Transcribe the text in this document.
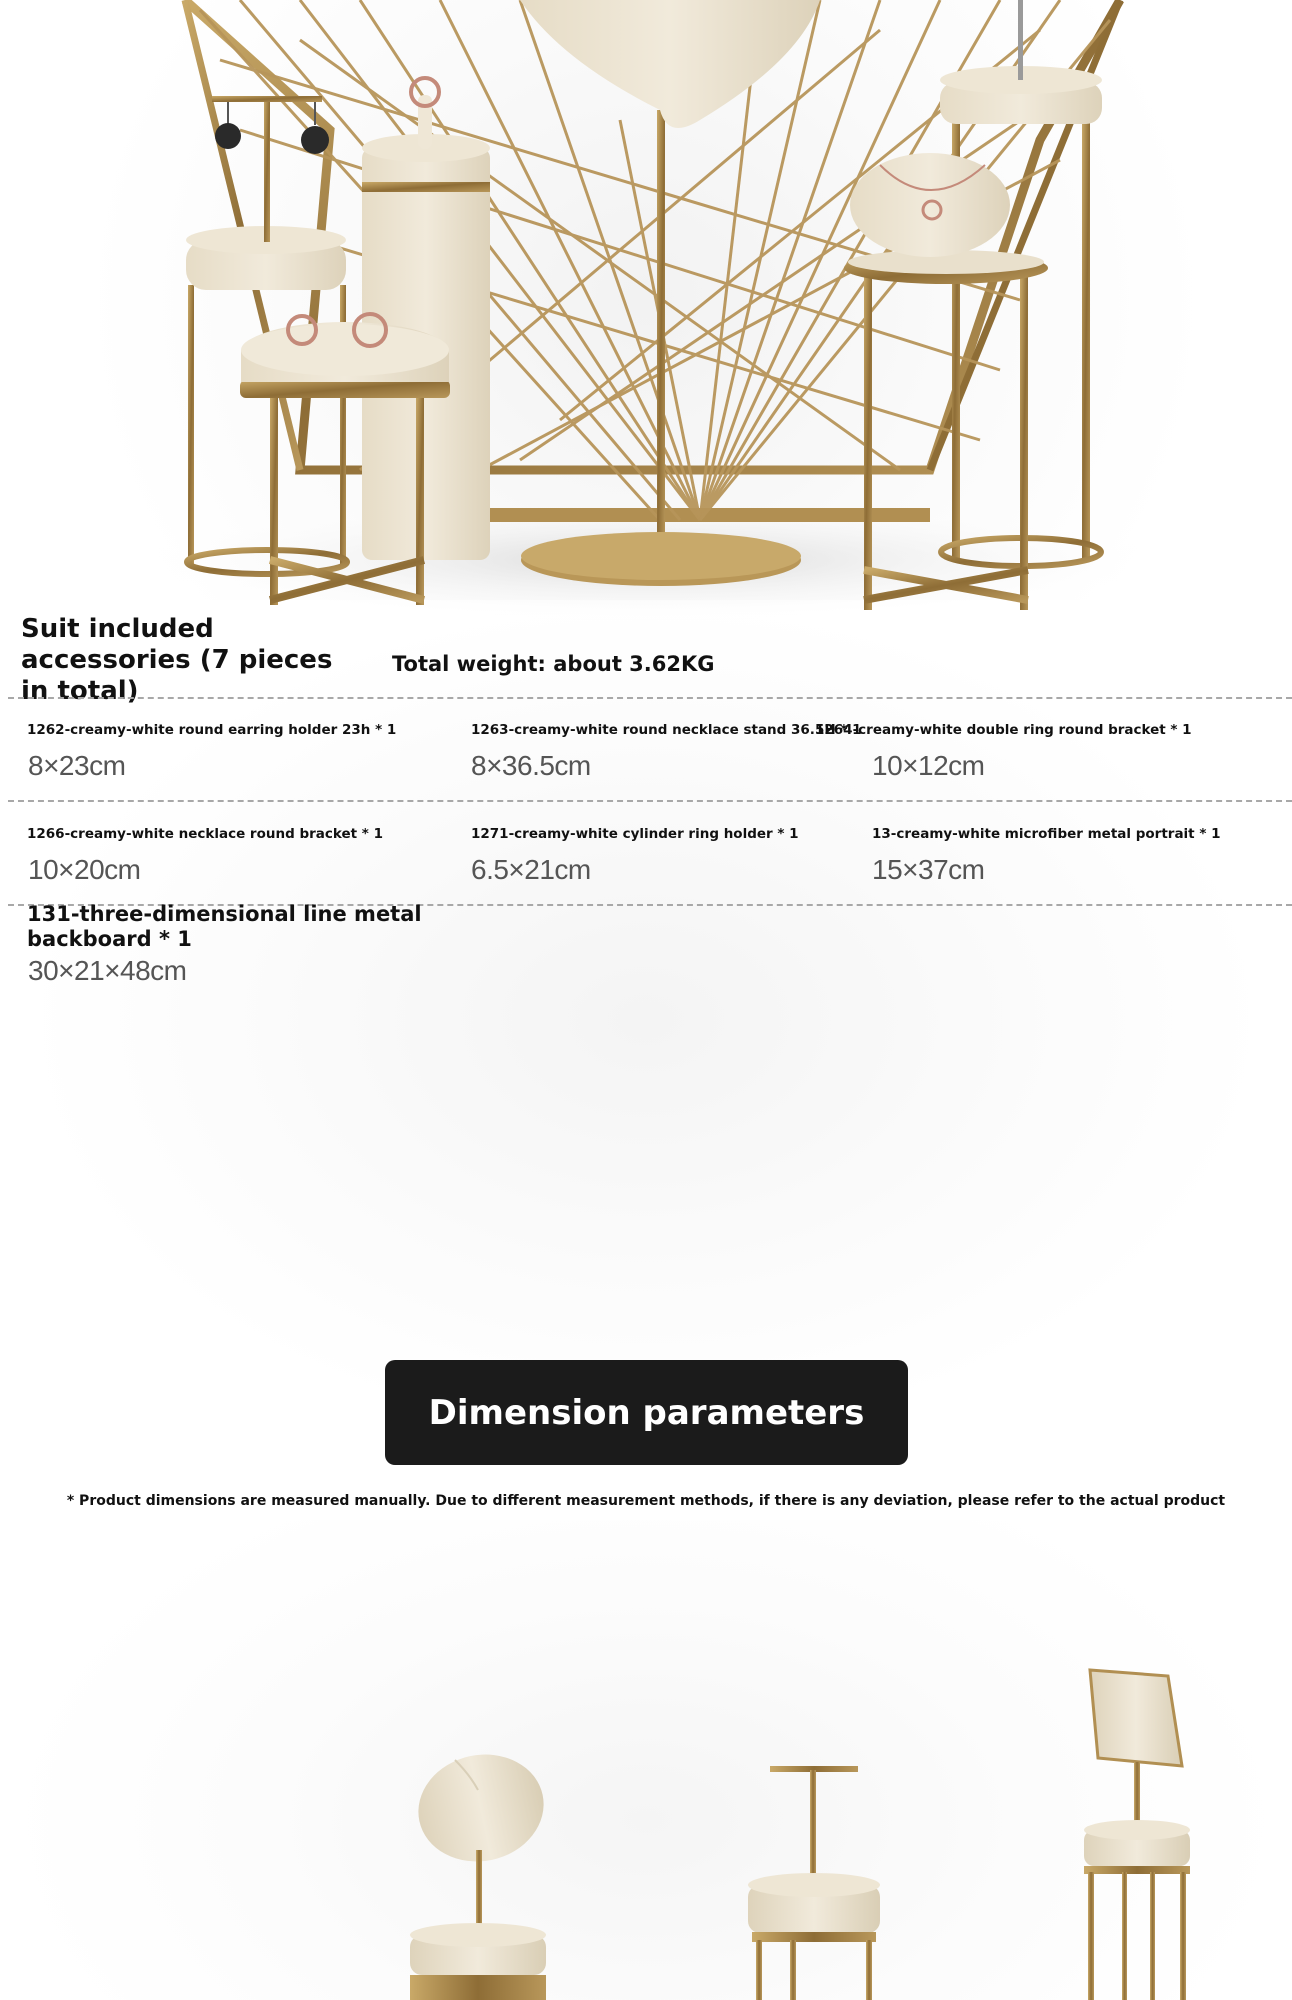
Suit included accessories (7 pieces in total)
Total weight: about 3.62KG
1262-creamy-white round earring holder 23h * 1
8×23cm
1263-creamy-white round necklace stand 36.5H * 1
8×36.5cm
1264-creamy-white double ring round bracket * 1
10×12cm
1266-creamy-white necklace round bracket * 1
10×20cm
1271-creamy-white cylinder ring holder * 1
6.5×21cm
13-creamy-white microfiber metal portrait * 1
15×37cm
131-three-dimensional line metal backboard * 1
30×21×48cm
Dimension parameters
* Product dimensions are measured manually. Due to different measurement methods, if there is any deviation, please refer to the actual product
